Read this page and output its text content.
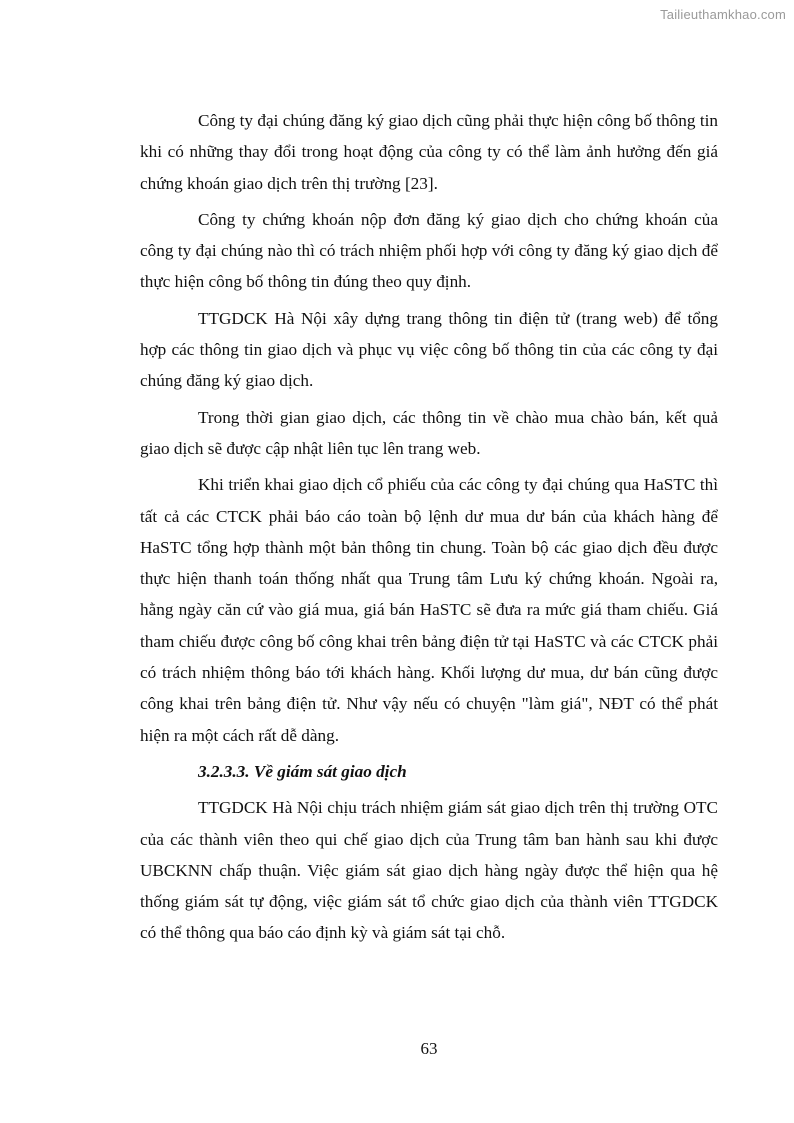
Tailieuthamkhao.com

Công ty đại chúng đăng ký giao dịch cũng phải thực hiện công bố thông tin khi có những thay đổi trong hoạt động của công ty có thể làm ảnh hưởng đến giá chứng khoán giao dịch trên thị trường [23].

Công ty chứng khoán nộp đơn đăng ký giao dịch cho chứng khoán của công ty đại chúng nào thì có trách nhiệm phối hợp với công ty đăng ký giao dịch để thực hiện công bố thông tin đúng theo quy định.

TTGDCK Hà Nội xây dựng trang thông tin điện tử (trang web) để tổng hợp các thông tin giao dịch và phục vụ việc công bố thông tin của các công ty đại chúng đăng ký giao dịch.

Trong thời gian giao dịch, các thông tin về chào mua chào bán, kết quả giao dịch sẽ được cập nhật liên tục lên trang web.

Khi triển khai giao dịch cổ phiếu của các công ty đại chúng qua HaSTC thì tất cả các CTCK phải báo cáo toàn bộ lệnh dư mua dư bán của khách hàng để HaSTC tổng hợp thành một bản thông tin chung. Toàn bộ các giao dịch đều được thực hiện thanh toán thống nhất qua Trung tâm Lưu ký chứng khoán. Ngoài ra, hằng ngày căn cứ vào giá mua, giá bán HaSTC sẽ đưa ra mức giá tham chiếu. Giá tham chiếu được công bố công khai trên bảng điện tử tại HaSTC và các CTCK phải có trách nhiệm thông báo tới khách hàng. Khối lượng dư mua, dư bán cũng được công khai trên bảng điện tử. Như vậy nếu có chuyện "làm giá", NĐT có thể phát hiện ra một cách rất dễ dàng.

3.2.3.3. Về giám sát giao dịch

TTGDCK Hà Nội chịu trách nhiệm giám sát giao dịch trên thị trường OTC của các thành viên theo qui chế giao dịch của Trung tâm ban hành sau khi được UBCKNN chấp thuận. Việc giám sát giao dịch hàng ngày được thể hiện qua hệ thống giám sát tự động, việc giám sát tổ chức giao dịch của thành viên TTGDCK có thể thông qua báo cáo định kỳ và giám sát tại chỗ.

63
